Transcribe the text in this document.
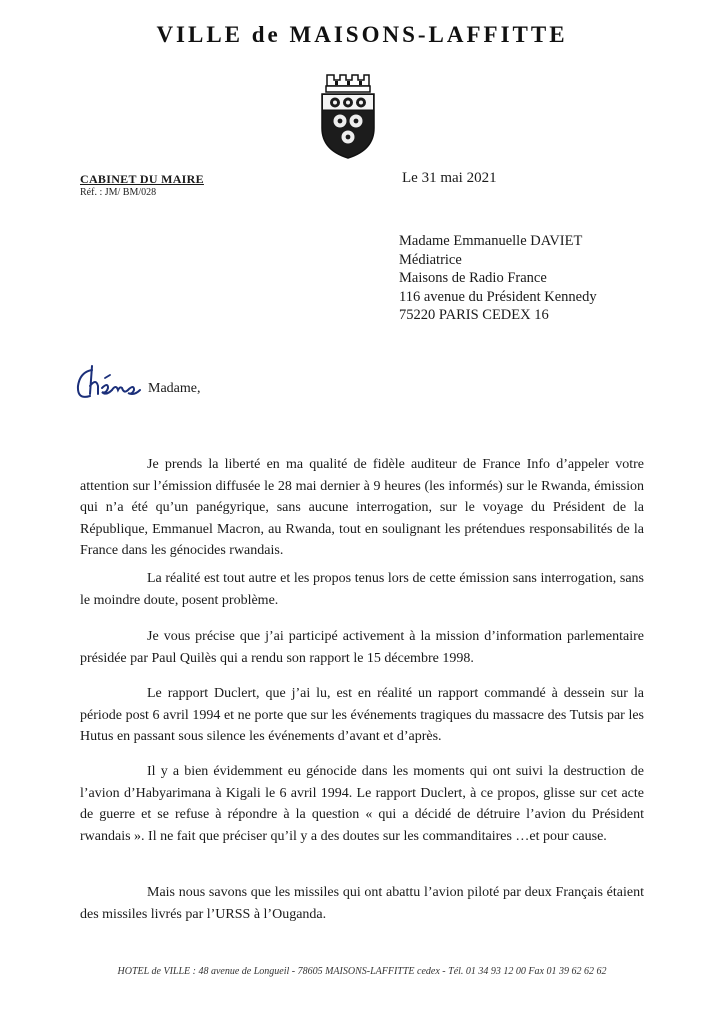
VILLE de MAISONS-LAFFITTE
CABINET DU MAIRE
Réf. : JM/ BM/028
Le 31 mai 2021
Madame Emmanuelle DAVIET
Médiatrice
Maisons de Radio France
116 avenue du Président Kennedy
75220 PARIS CEDEX 16
Madame,

Je prends la liberté en ma qualité de fidèle auditeur de France Info d’appeler votre attention sur l’émission diffusée le 28 mai dernier à 9 heures (les informés) sur le Rwanda, émission qui n’a été qu’un panégyrique, sans aucune interrogation, sur le voyage du Président de la République, Emmanuel Macron, au Rwanda, tout en soulignant les prétendues responsabilités de la France dans les génocides rwandais.

La réalité est tout autre et les propos tenus lors de cette émission sans interrogation, sans le moindre doute, posent problème.

Je vous précise que j’ai participé activement à la mission d’information parlementaire présidée par Paul Quilès qui a rendu son rapport le 15 décembre 1998.

Le rapport Duclert, que j’ai lu, est en réalité un rapport commandé à dessein sur la période post 6 avril 1994 et ne porte que sur les événements tragiques du massacre des Tutsis par les Hutus en passant sous silence les événements d’avant et d’après.

Il y a bien évidemment eu génocide dans les moments qui ont suivi la destruction de l’avion d’Habyarimana à Kigali le 6 avril 1994. Le rapport Duclert, à ce propos, glisse sur cet acte de guerre et se refuse à répondre à la question « qui a décidé de détruire l’avion du Président rwandais ». Il ne fait que préciser qu’il y a des doutes sur les commanditaires …et pour cause.

Mais nous savons que les missiles qui ont abattu l’avion piloté par deux Français étaient des missiles livrés par l’URSS à l’Ouganda.

HOTEL de VILLE : 48 avenue de Longueil - 78605 MAISONS-LAFFITTE cedex - Tél. 01 34 93 12 00 Fax 01 39 62 62 62
